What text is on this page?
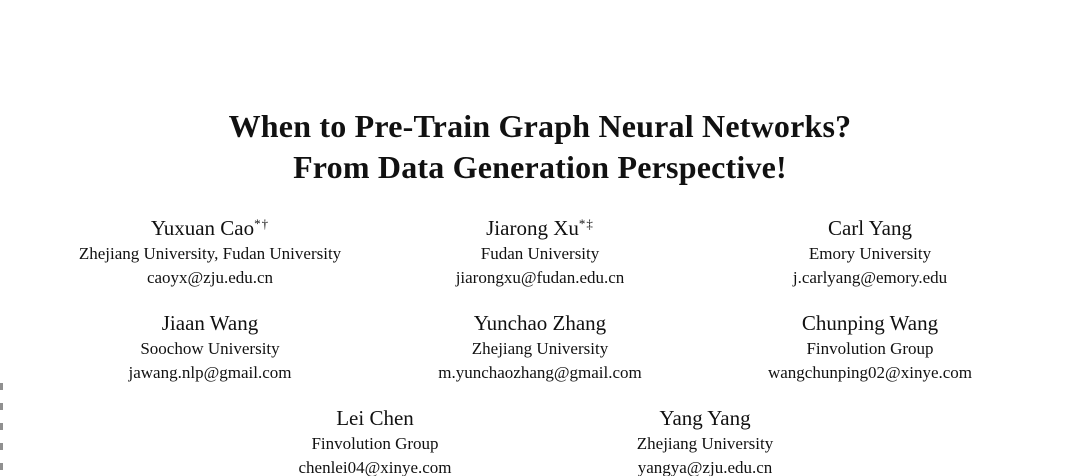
When to Pre-Train Graph Neural Networks?
From Data Generation Perspective!
Yuxuan Cao*†
Zhejiang University, Fudan University
caoyx@zju.edu.cn
Jiarong Xu*‡
Fudan University
jiarongxu@fudan.edu.cn
Carl Yang
Emory University
j.carlyang@emory.edu
Jiaan Wang
Soochow University
jawang.nlp@gmail.com
Yunchao Zhang
Zhejiang University
m.yunchaozhang@gmail.com
Chunping Wang
Finvolution Group
wangchunping02@xinye.com
Lei Chen
Finvolution Group
chenlei04@xinye.com
Yang Yang
Zhejiang University
yangya@zju.edu.cn
